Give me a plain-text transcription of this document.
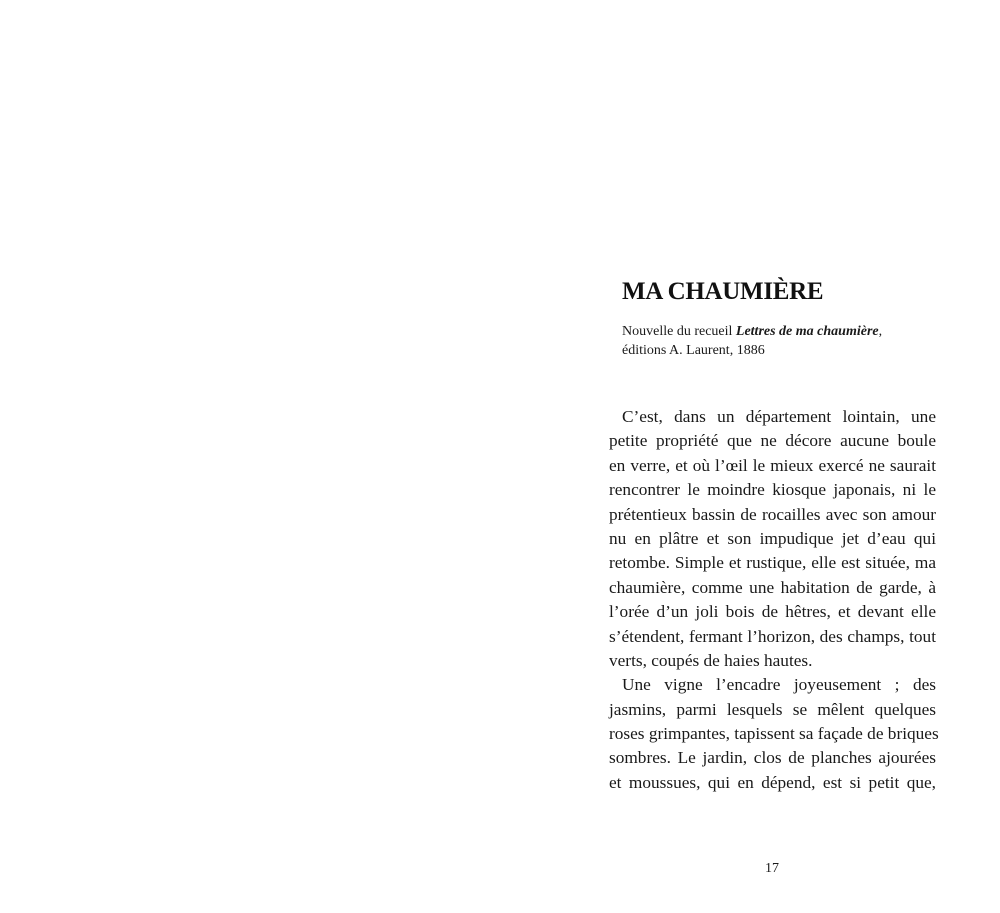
MA CHAUMIÈRE
Nouvelle du recueil Lettres de ma chaumière,
éditions A. Laurent, 1886
C’est, dans un département lointain, une
petite propriété que ne décore aucune boule
en verre, et où l’œil le mieux exercé ne saurait
rencontrer le moindre kiosque japonais, ni le
prétentieux bassin de rocailles avec son amour
nu en plâtre et son impudique jet d’eau qui
retombe. Simple et rustique, elle est située, ma
chaumière, comme une habitation de garde, à
l’orée d’un joli bois de hêtres, et devant elle
s’étendent, fermant l’horizon, des champs, tout
verts, coupés de haies hautes.
Une vigne l’encadre joyeusement ; des
jasmins, parmi lesquels se mêlent quelques
roses grimpantes, tapissent sa façade de briques
sombres. Le jardin, clos de planches ajourées
et moussues, qui en dépend, est si petit que,
17
